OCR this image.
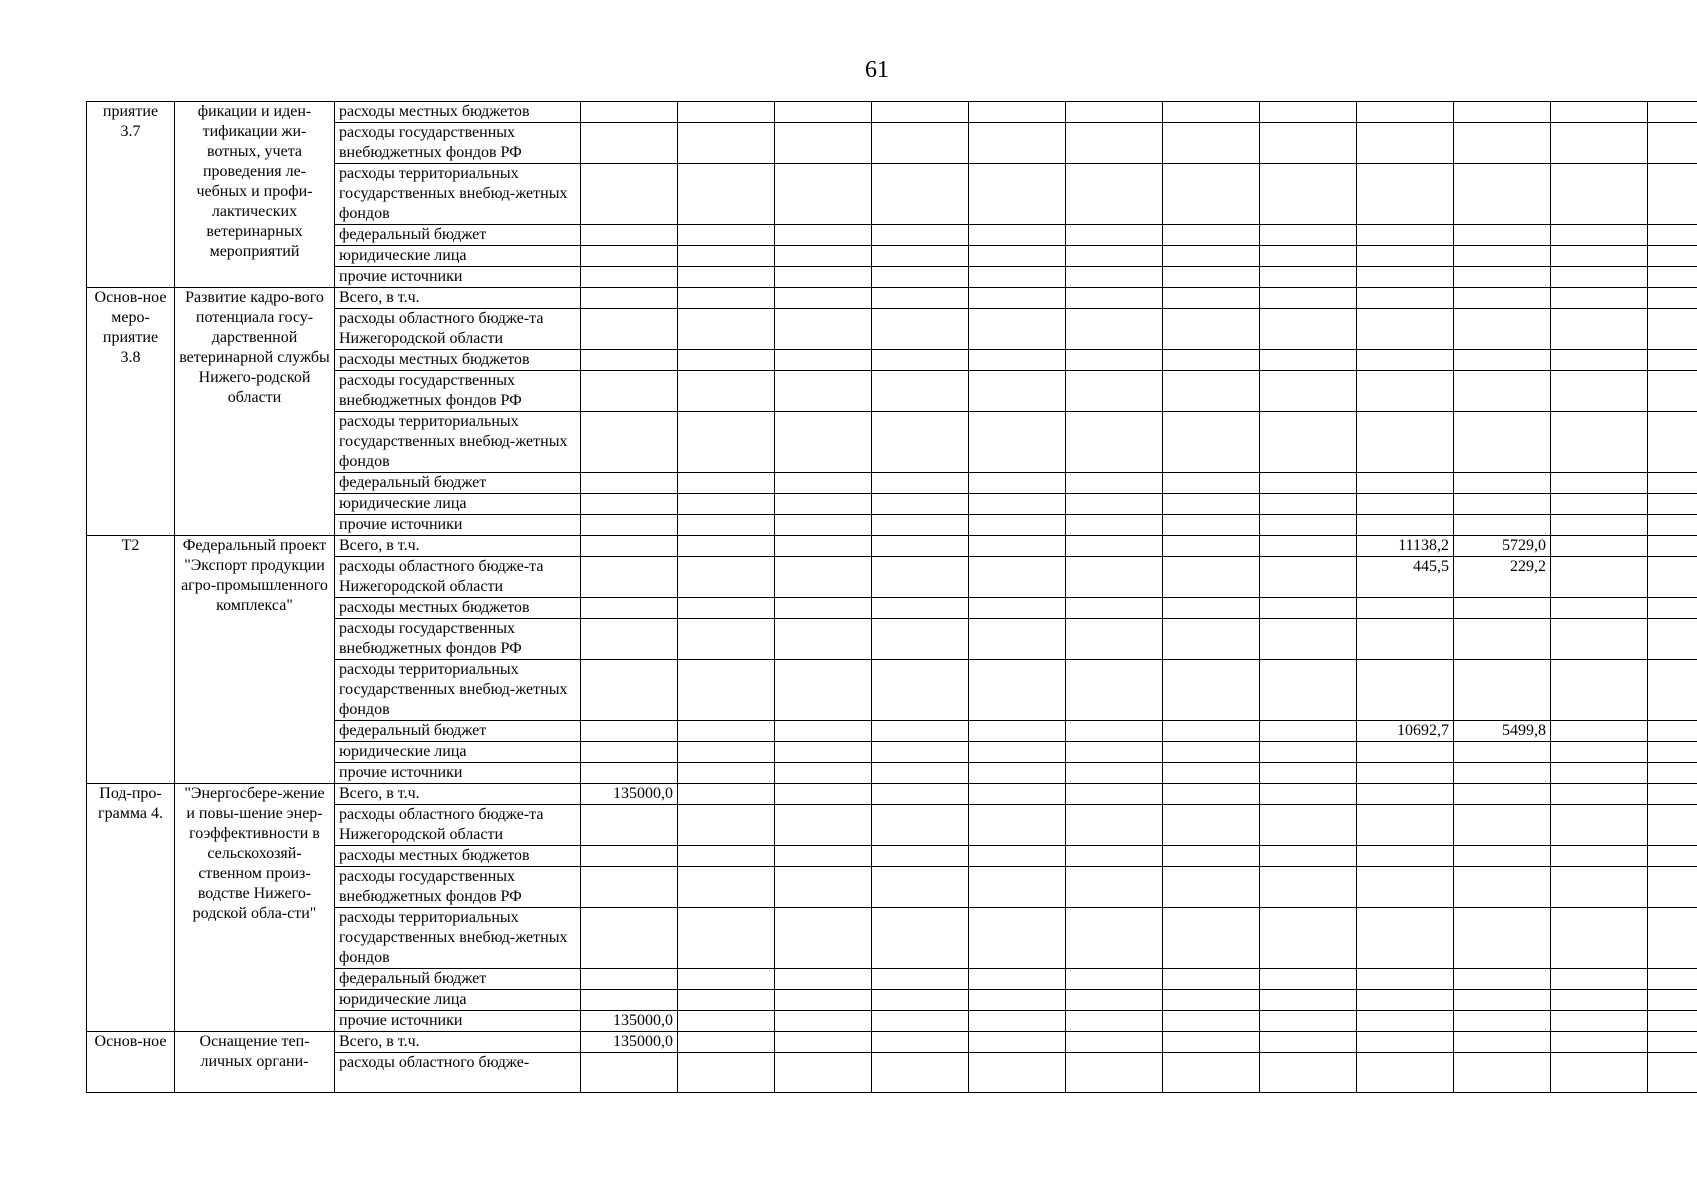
61
приятие 3.7	фикации и иден-тификации жи-вотных, учета проведения ле-чебных и профи-лактических ветеринарных мероприятий	расходы местных бюджетов												
		расходы государственных внебюджетных фондов РФ												
		расходы территориальных государственных внебюд-жетных фондов												
		федеральный бюджет												
		юридические лица												
		прочие источники												
Основ-ное меро-приятие 3.8	Развитие кадро-вого потенциала госу-дарственной ветеринарной службы Нижего-родской области	Всего, в т.ч.												
		расходы областного бюдже-та Нижегородской области												
		расходы местных бюджетов												
		расходы государственных внебюджетных фондов РФ												
		расходы территориальных государственных внебюд-жетных фондов												
		федеральный бюджет												
		юридические лица												
		прочие источники												
Т2	Федеральный проект "Экспорт продукции агро-промышленного комплекса"	Всего, в т.ч.									11138,2	5729,0		
		расходы областного бюдже-та Нижегородской области									445,5	229,2		
		расходы местных бюджетов												
		расходы государственных внебюджетных фондов РФ												
		расходы территориальных государственных внебюд-жетных фондов												
		федеральный бюджет									10692,7	5499,8		
		юридические лица												
		прочие источники												
Под-про-грамма 4.	"Энергосбере-жение и повы-шение энер-гоэффективности в сельскохозяй-ственном произ-водстве Нижего-родской обла-сти"	Всего, в т.ч.	135000,0											
		расходы областного бюдже-та Нижегородской области												
		расходы местных бюджетов												
		расходы государственных внебюджетных фондов РФ												
		расходы территориальных государственных внебюд-жетных фондов												
		федеральный бюджет												
		юридические лица												
		прочие источники	135000,0											
Основ-ное	Оснащение теп-личных органи-	Всего, в т.ч.	135000,0											
		расходы областного бюдже-												
